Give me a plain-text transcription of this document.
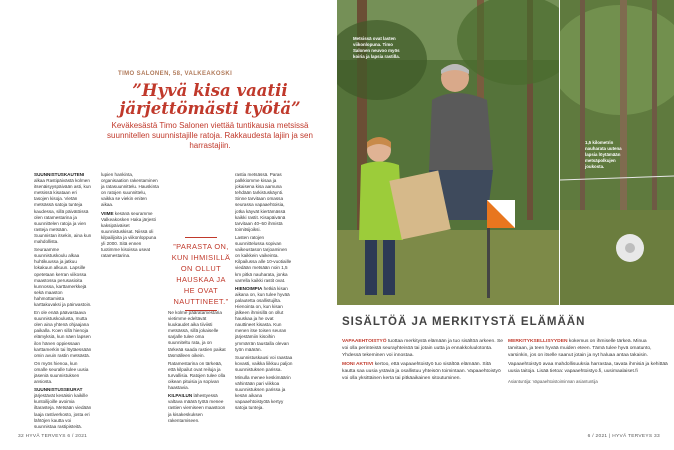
TIMO SALONEN, 58, VALKEAKOSKI
”Hyvä kisa vaatii järjettömästi työtä”
Keväkesästä Timo Salonen viettää tuntikausia metsissä suunnitellen suunnistajille ratoja. Rakkaudesta lajiin ja sen harrastajiin.

SUUNNISTUSKAUTENI alkaa Rastipäivästä kolmen itsenäisyyspäivään asti, kun metsissä kisataan eri tasojen kisoja. Vietän metsässä satoja tunteja kaudessa, sillä päivätöissä olen ratamestarina ja suunnittelen ratoja ja vien rasteja metsään. Suunnistan itsekin, aina kun mahdollista.

Seuraamme suunnistuskoulu alkaa huhtikuussa ja jatkuu lokakuun alkuun. Lapsille opetetaan kerran viikossa maastossa perusasioita kunnossa, karttamerkkejä sekä maaston hahmottamista karttakuvaksi ja päinvastoin.

En ole enää päävastaava suunnistuskoulusta, mutta olen aina yhtenä ohjaajana paikalla. Koen sillä hienoja elämyksiä, kun näen lapsen ilon hänen oppiessaan karttamerkin tai löytäessään omin avuin rastin metsästä.

On myös hienoa, kun omalle seuralle tulee uusia jäseniä suunnistuksen ansiosta.

SUUNNISTUSSEURAT järjestävät kesäisin kaikille kuntoilijoille avoimia iltarasteja. Metsään viedään laaja rastiverkosto, josta eri lähtöjen kautta voi suunnistaa rastipisteitä.

lupien hankinta, organisaation rakentaminen ja ratasuunnittelu. Hauskinta on ratojen suunnittelu, vaikka se viekin eniten aikaa.

VIIME kesänä seuramme Valkeakosken Haka järjesti kaksipäiväiset suunnistuskisat. Niissä oli kilpailijoita ja viikonloppuna yli 2000. Sitä ennen tuotimme kisoissa useat ratamestarina.

Ne kolme pääratamestaria vietimme edeltävät kuukaudet aika tiiviisti metsässä, sillä jokaiselle sarjalle tulee oma suunniteltu rata, ja on tärkeää saada rastien paikat täsmälleen oikein.

Ratamestarina on tärkeää, että kilpailut ovat reiluja ja turvallisia. Ratojen tulee olla oikean pituisia ja sopivan haastavia.

KILPAILUN lähestyessä valtava määrä työtä menee rastien viemiseen maastoon ja kisakeskuksen rakentamiseen.

”PARASTA ON, KUN IHMISILLÄ ON OLLUT HAUSKAA JA HE OVAT NAUTTINEET.”

rastia metsässä. Paras palkkiomme kisaa ja jokaisena kisa aamuna tehdään tarkistuskäynti. Sinne tarvitaan omassa seurassa vapaaehtoisia, jotka käyvät kiertämässä kaikki rastit. Kisapäivänä tarvitaan 40–50 ihmistä toimitsijoiksi.

Lasten ratojen suunnittelussa sopivan vaikeustason tarjoaminen on kaikkein vaikeinta. Kilpailussa alle 10-vuotiaille viedään metsään noin 1,5 km pitkä nauharata, jonka varrella kaikki rastit ovat.

HIENOIMPIA hetkiä kisan aikana on, kun tulee hyvää palautetta osallistujilta. Hienointa on, kun kisan jälkeen ihmisillä on ollut hauskaa ja he ovat nauttineet kisasta. Kun menen itse toisen seuran järjestämiin kisoihin ymmärrän taustalla olevan työn määrän.

Suunnistuskausi voi raastaa kovasti, vaikka liikkuu paljon suunnistuksen parissa.

Minulla menee keskimäärin vähintään pari viikkoa suunnistuksen parissa ja kesän aikana vapaaehtoistyötä kertyy satoja tunteja.

Metsissä ovat lasten viikonlopuna. Timo Salonen neuvoo myös koiria ja lapsia rastilla.
1,5 kilometrin nauharata uutena lapsia löytämään metsäpolkujen joukosta.
SISÄLTÖÄ JA MERKITYSTÄ ELÄMÄÄN

VAPAAEHTOISTYÖ tuottaa merkitystä elämään ja tuo sisältöä arkeen. Se voi olla perinteistä seurayhteisöä tai jotain uutta ja ennakkoluulotonta. Yhdessä tekeminen voi innostaa.

MONI AKTIIVI kertoo, että vapaaehtoistyö tuo sisältöä elämään. Sitä kautta saa uusia ystäviä ja osallistuu yhteisön toimintaan. Vapaaehtoistyö voi olla yksittäinen kerta tai pitkäaikainen sitoutuminen.

MERKITYKSELLISYYDEN kokemus on ihmiselle tärkeä. Minua tarvitaan, ja teen hyvää muiden eteen. Tämä tulee hyvä omatunto, varsinkin, jos on itselle saanut jotain ja nyt haluaa antaa takaisin.

Vapaaehtoistyö avaa mahdollisuuksia harrastaa, tavata ihmisiä ja kehittää uusia taitoja. Lisää tietoa: vapaaehtoistyo.fi, uusimaalaiset.fi

Asiantuntija: Vapaaehtoistoiminnan asiantuntija
32 HYVÄ TERVEYS 6 / 2021	6 / 2021 | HYVÄ TERVEYS 33
